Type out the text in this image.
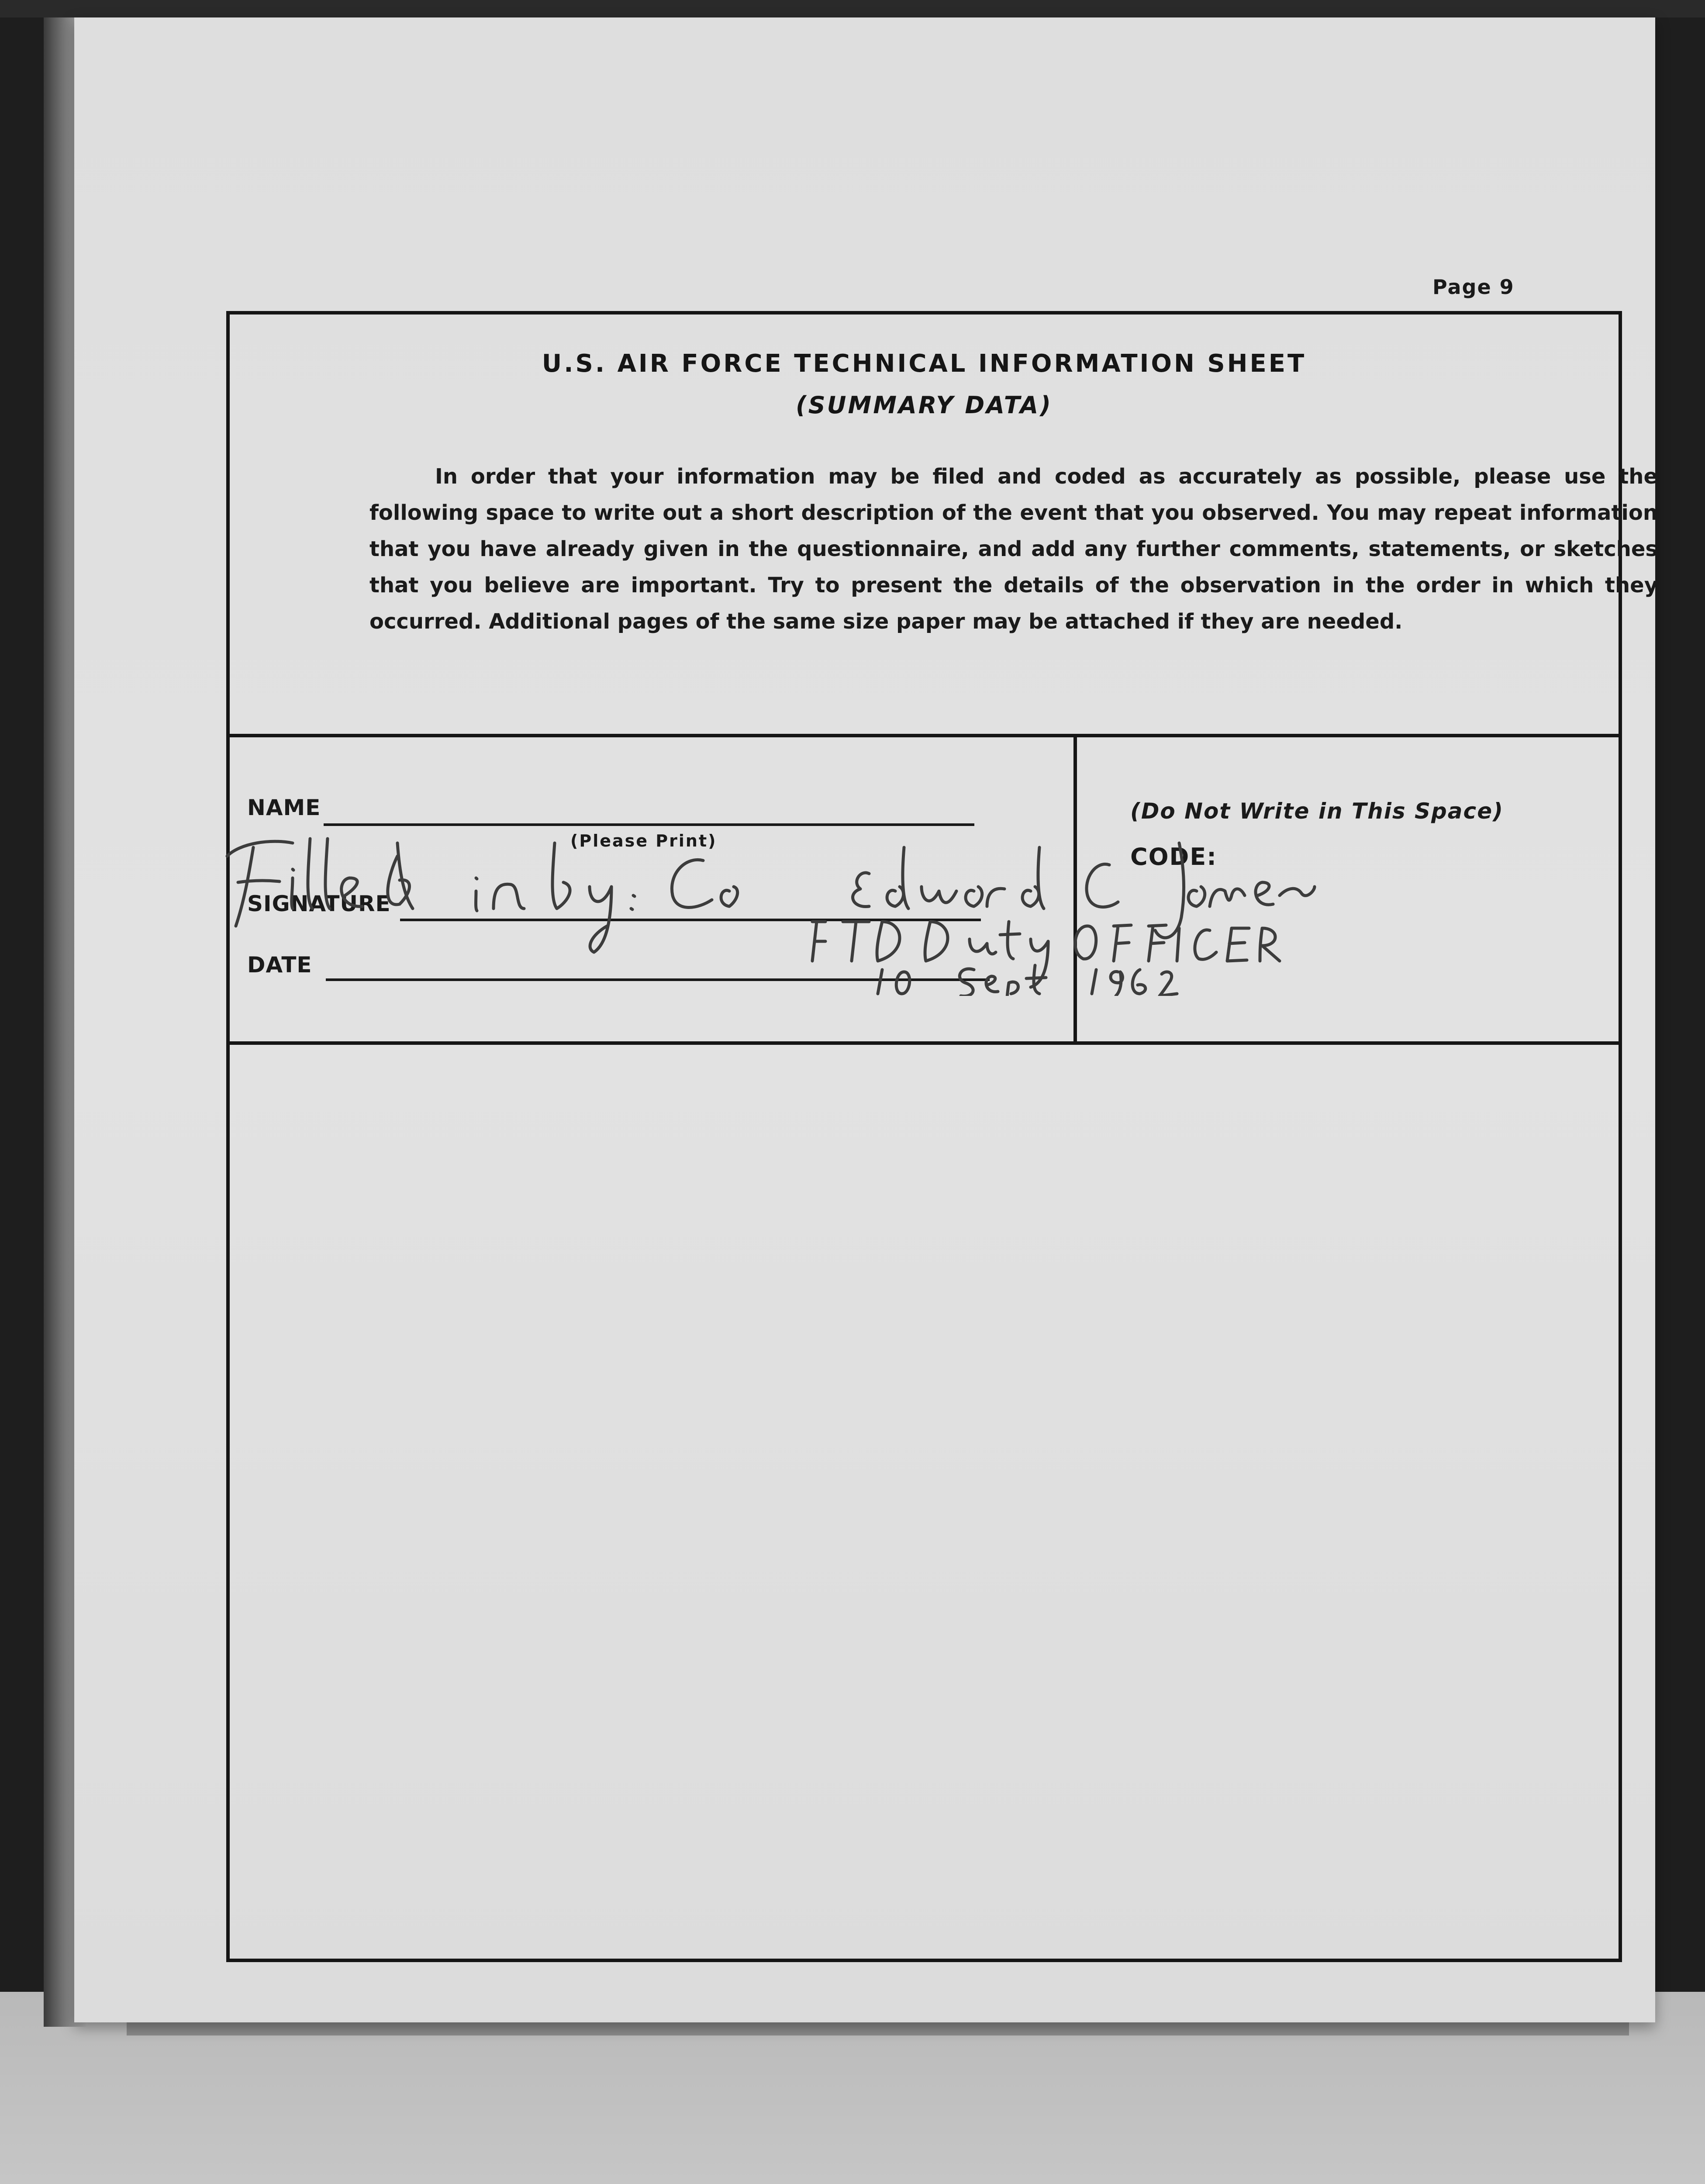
Page 9
U.S. AIR FORCE TECHNICAL INFORMATION SHEET
(SUMMARY DATA)
In order that your information may be filed and coded as accurately as possible, please use the following space to write out a short description of the event that you observed. You may repeat information that you have already given in the questionnaire, and add any further comments, statements, or sketches that you believe are important. Try to present the details of the observation in the order in which they occurred. Additional pages of the same size paper may be attached if they are needed.
NAME
(Please Print)
SIGNATURE
DATE
(Do Not Write in This Space)
CODE:
